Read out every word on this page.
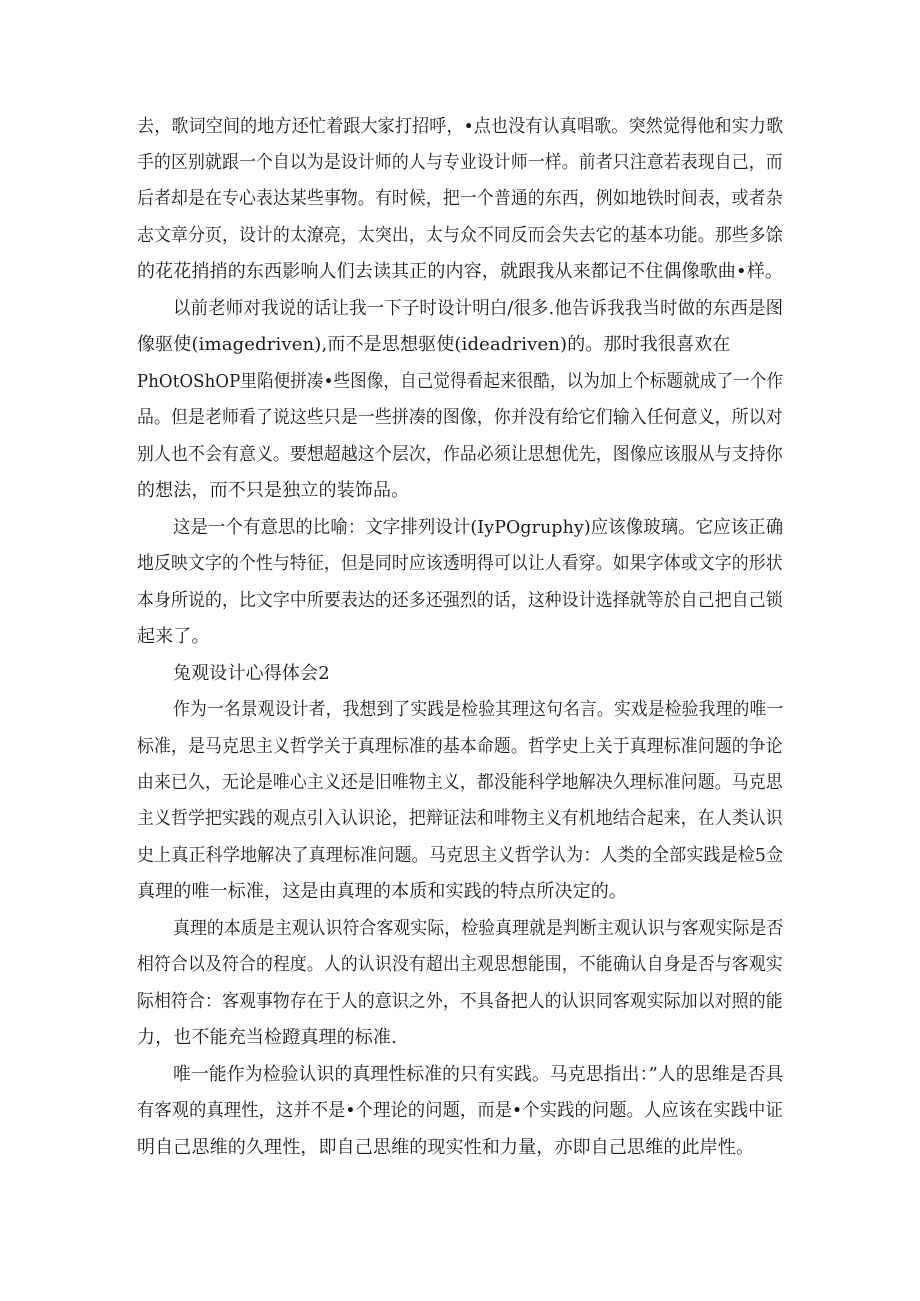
去，歌词空间的地方还忙着跟大家打招呼，•点也没有认真唱歌。突然觉得他和实力歌
手的区别就跟一个自以为是设计师的人与专业设计师一样。前者只注意若表现自己，而
后者却是在专心表达某些事物。有时候，把一个普通的东西，例如地铁时间表，或者杂
志文章分页，设计的太潦亮，太突出，太与众不同反而会失去它的基本功能。那些多馀
的花花捎捎的东西影响人们去读其正的内容，就跟我从来都记不住偶像歌曲•样。
以前老师对我说的话让我一下子时设计明白/很多.他告诉我我当时做的东西是图
像驱使(imagedriven),而不是思想驱使(ideadriven)的。那时我很喜欢在
PhOtOShOP里陷便拼凑•些图像，自己觉得看起来很酷，以为加上个标题就成了一个作
品。但是老师看了说这些只是一些拼凑的图像，你并没有给它们输入任何意义，所以对
别人也不会有意义。要想超越这个层次，作品必须让思想优先，图像应该服从与支持你
的想法，而不只是独立的装饰品。
这是一个有意思的比喻：文字排列设计(IyPOgruphy)应该像玻璃。它应该正确
地反映文字的个性与特征，但是同时应该透明得可以让人看穿。如果字体或文字的形状
本身所说的，比文字中所要表达的还多还强烈的话，这种设计选择就等於自己把自己锁
起来了。
兔观设计心得体会2
作为一名景观设计者，我想到了实践是检验其理这句名言。实戏是检验我理的唯一
标准，是马克思主义哲学关于真理标准的基本命题。哲学史上关于真理标准问题的争论
由来已久，无论是唯心主义还是旧唯物主义，都没能科学地解决久理标准问题。马克思
主义哲学把实践的观点引入认识论，把辩证法和啡物主义有机地结合起来，在人类认识
史上真正科学地解决了真理标准问题。马克思主义哲学认为：人类的全部实践是检5佥
真理的唯一标准，这是由真理的本质和实践的特点所决定的。
真理的本质是主观认识符合客观实际，检验真理就是判断主观认识与客观实际是否
相符合以及符合的程度。人的认识没有超出主观思想能围，不能确认自身是否与客观实
际相符合：客观事物存在于人的意识之外，不具备把人的认识同客观实际加以对照的能
力，也不能充当检蹬真理的标准.
唯一能作为检验认识的真理性标准的只有实践。马克思指出：”人的思维是否具
有客观的真理性，这并不是•个理论的问题，而是•个实践的问题。人应该在实践中证
明自己思维的久理性，即自己思维的现实性和力量，亦即自己思维的此岸性。
